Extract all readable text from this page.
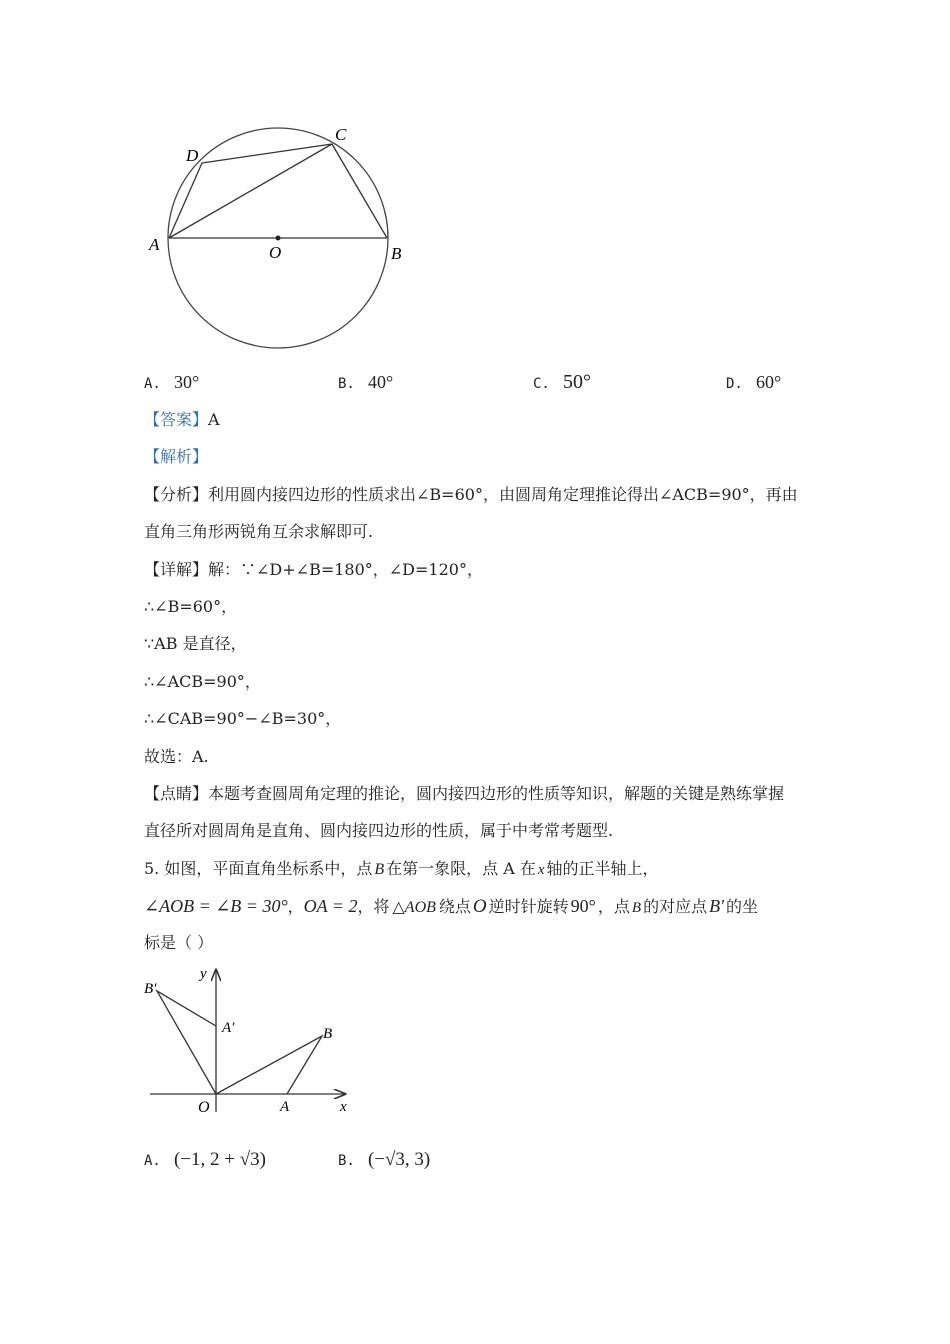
A	B
C
D
O
A. 30°	B. 40°	C. 50°	D. 60°
【答案】A
【解析】
【分析】利用圆内接四边形的性质求出∠B=60°，由圆周角定理推论得出∠ACB=90°，再由
直角三角形两锐角互余求解即可.
【详解】解：∵∠D+∠B=180°，∠D=120°，
∴∠B=60°，
∵AB 是直径，
∴∠ACB=90°，
∴∠CAB=90°−∠B=30°，
故选：A.
【点睛】本题考查圆周角定理的推论，圆内接四边形的性质等知识，解题的关键是熟练掌握
直径所对圆周角是直角、圆内接四边形的性质，属于中考常考题型.
5. 如图，平面直角坐标系中，点 B 在第一象限，点 A 在 x 轴的正半轴上，
∠AOB = ∠B = 30°，OA = 2，将 △AOB 绕点 O 逆时针旋转 90° ，点 B 的对应点 B′ 的坐
标是（ ）
B′
A′	B
A
O	x
y
A. (−1, 2 + √3)	B. (−√3, 3)
